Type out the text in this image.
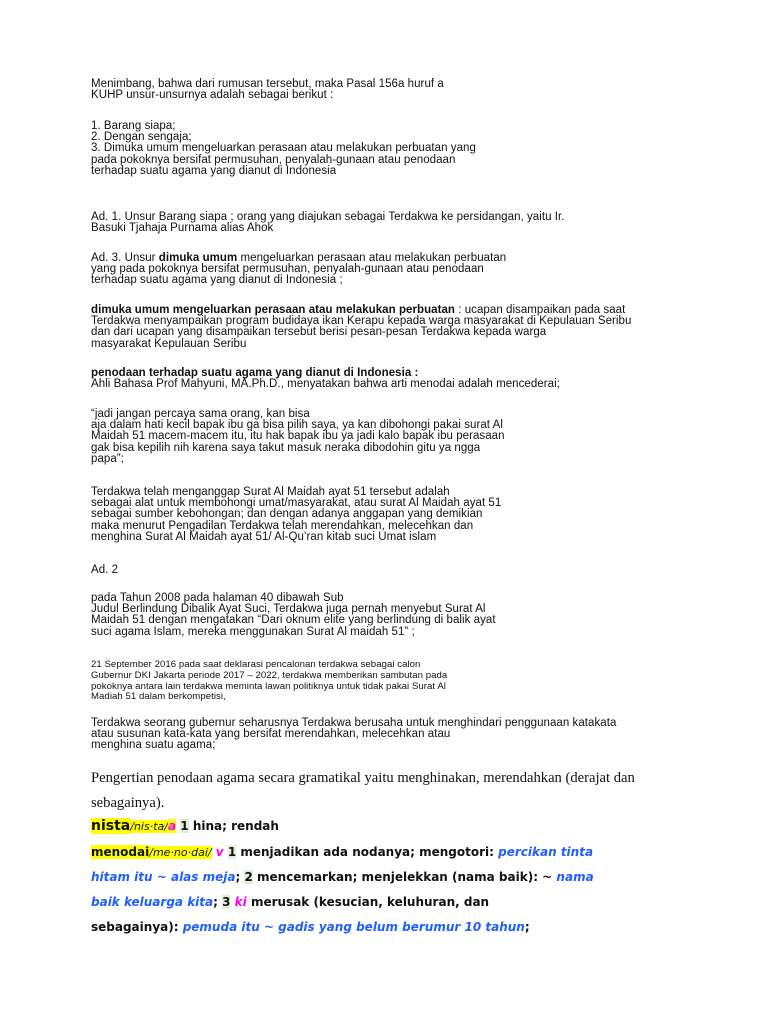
Menimbang, bahwa dari rumusan tersebut, maka Pasal 156a huruf a
KUHP unsur-unsurnya adalah sebagai berikut :
1. Barang siapa;
2. Dengan sengaja;
3. Dimuka umum mengeluarkan perasaan atau melakukan perbuatan yang
pada pokoknya bersifat permusuhan, penyalah-gunaan atau penodaan
terhadap suatu agama yang dianut di Indonesia
Ad. 1. Unsur Barang siapa ; orang yang diajukan sebagai Terdakwa ke persidangan, yaitu Ir.
Basuki Tjahaja Purnama alias Ahok
Ad. 3. Unsur dimuka umum mengeluarkan perasaan atau melakukan perbuatan
yang pada pokoknya bersifat permusuhan, penyalah-gunaan atau penodaan
terhadap suatu agama yang dianut di Indonesia ;
dimuka umum mengeluarkan perasaan atau melakukan perbuatan : ucapan disampaikan pada saat
Terdakwa menyampaikan program budidaya ikan Kerapu kepada warga masyarakat di Kepulauan Seribu
dan dari ucapan yang disampaikan tersebut berisi pesan-pesan Terdakwa kepada warga
masyarakat Kepulauan Seribu
penodaan terhadap suatu agama yang dianut di Indonesia :
Ahli Bahasa Prof Mahyuni, MA.Ph.D., menyatakan bahwa arti menodai adalah mencederai;
“jadi jangan percaya sama orang, kan bisa
aja dalam hati kecil bapak ibu ga bisa pilih saya, ya kan dibohongi pakai surat Al
Maidah 51 macem-macem itu, itu hak bapak ibu ya jadi kalo bapak ibu perasaan
gak bisa kepilih nih karena saya takut masuk neraka dibodohin gitu ya ngga
papa”;
Terdakwa telah menganggap Surat Al Maidah ayat 51 tersebut adalah
sebagai alat untuk membohongi umat/masyarakat, atau surat Al Maidah ayat 51
sebagai sumber kebohongan; dan dengan adanya anggapan yang demikian
maka menurut Pengadilan Terdakwa telah merendahkan, melecehkan dan
menghina Surat Al Maidah ayat 51/ Al-Qu’ran kitab suci Umat islam
Ad. 2
pada Tahun 2008 pada halaman 40 dibawah Sub
Judul Berlindung Dibalik Ayat Suci, Terdakwa juga pernah menyebut Surat Al
Maidah 51 dengan mengatakan “Dari oknum elite yang berlindung di balik ayat
suci agama Islam, mereka menggunakan Surat Al maidah 51” ;
21 September 2016 pada saat deklarasi pencalonan terdakwa sebagai calon
Gubernur DKI Jakarta periode 2017 – 2022, terdakwa memberikan sambutan pada
pokoknya antara lain terdakwa meminta lawan politiknya untuk tidak pakai Surat Al
Madiah 51 dalam berkompetisi,
Terdakwa seorang gubernur seharusnya Terdakwa berusaha untuk menghindari penggunaan katakata
atau susunan kata-kata yang bersifat merendahkan, melecehkan atau
menghina suatu agama;
Pengertian penodaan agama secara gramatikal yaitu menghinakan, merendahkan (derajat dan
sebagainya).
nista/nis·ta/a 1 hina; rendah
menodai/me·no·dai/ v 1 menjadikan ada nodanya; mengotori: percikan tinta
hitam itu ~ alas meja; 2 mencemarkan; menjelekkan (nama baik): ~ nama
baik keluarga kita; 3 ki merusak (kesucian, keluhuran, dan
sebagainya): pemuda itu ~ gadis yang belum berumur 10 tahun;
